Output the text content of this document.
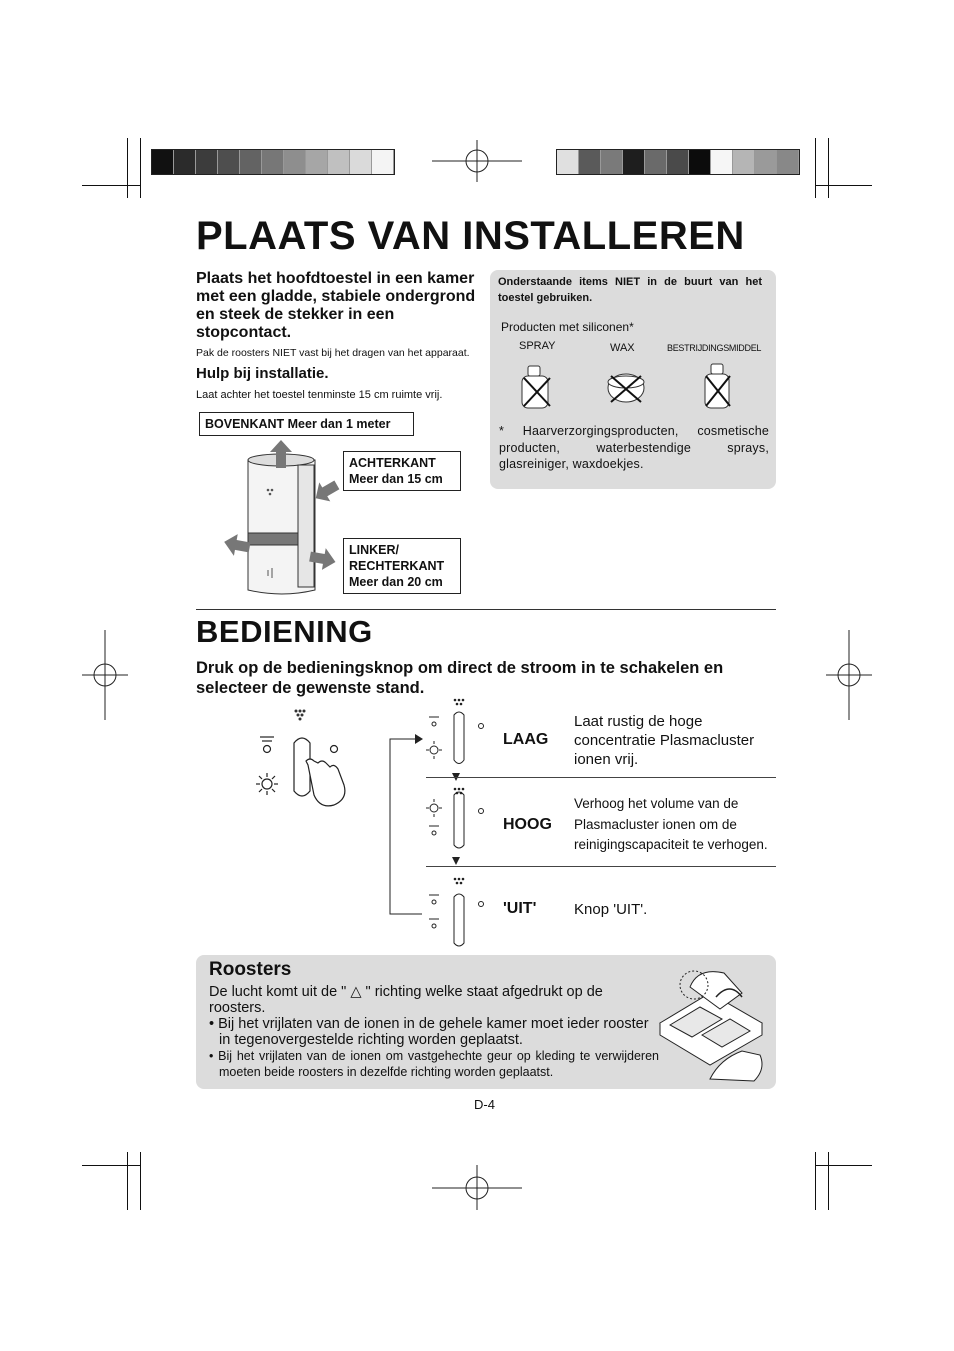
PLAATS VAN INSTALLEREN
Plaats het hoofdtoestel in een kamer met een gladde, stabiele ondergrond en steek de stekker in een stopcontact.
Pak de roosters NIET vast bij het dragen van het apparaat.
Hulp bij installatie.
Laat achter het toestel tenminste 15 cm ruimte vrij.
BOVENKANT Meer dan 1 meter
ACHTERKANT
Meer dan 15 cm
LINKER/
RECHTERKANT
Meer dan 20 cm
Onderstaande items NIET in de buurt van het toestel gebruiken.
Producten met siliconen*
SPRAY	WAX	BESTRIJDINGSMIDDEL
* Haarverzorgingsproducten, cosmetische producten, waterbestendige sprays, glasreiniger, waxdoekjes.
BEDIENING
Druk op de bedieningsknop om direct de stroom in te schakelen en selecteer de gewenste stand.
LAAG
Laat rustig de hoge
concentratie Plasmacluster
ionen vrij.
HOOG
Verhoog het volume van de
Plasmacluster ionen om de
reinigingscapaciteit te verhogen.
'UIT'	Knop 'UIT'.
Roosters
De lucht komt uit de " △ " richting welke staat afgedrukt op de roosters.
• Bij het vrijlaten van de ionen in de gehele kamer moet ieder rooster in tegenovergestelde richting worden geplaatst.
• Bij het vrijlaten van de ionen om vastgehechte geur op kleding te verwijderen moeten beide roosters in dezelfde richting worden geplaatst.
D-4
